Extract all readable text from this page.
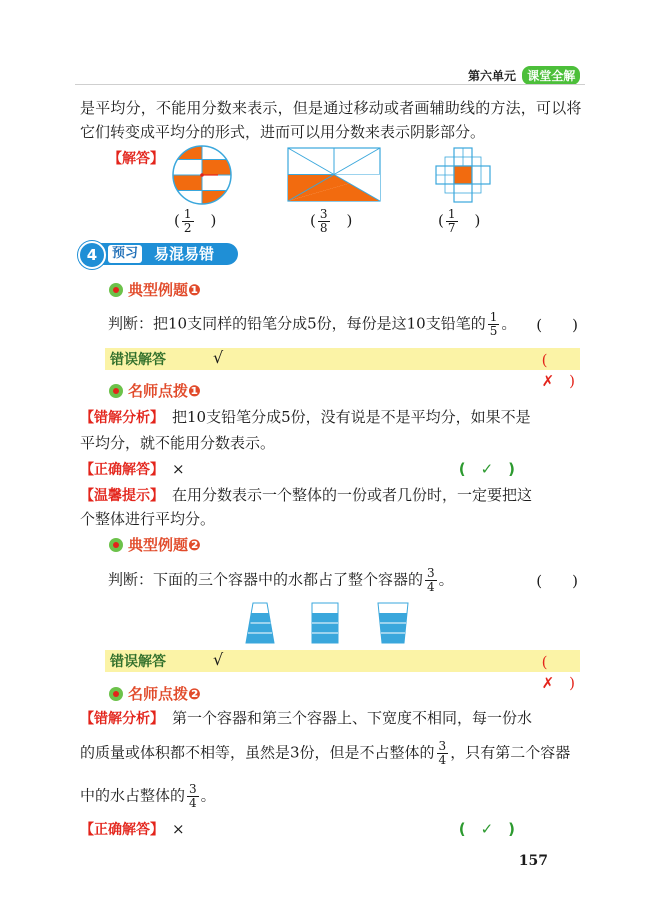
第六单元 课堂全解
是平均分，不能用分数来表示，但是通过移动或者画辅助线的方法，可以将
它们转变成平均分的形式，进而可以用分数来表示阴影部分。
【解答】
( $\frac{1}{2}$ 　)	( $\frac{3}{8}$ 　)	( $\frac{1}{7}$ 　)
4	预习 易混易错
典型例题❶
判断：把10支同样的铅笔分成5份，每份是这10支铅笔的 $\frac{1}{5}$ 。 (　　)
错误解答	√	(　✗　)
名师点拨❶
【错解分析】　 把10支铅笔分成5份，没有说是不是平均分，如果不是
平均分，就不能用分数表示。
【正确解答】　 ×	(　✓　)
【温馨提示】　 在用分数表示一个整体的一份或者几份时，一定要把这
个整体进行平均分。
典型例题❷
判断：下面的三个容器中的水都占了整个容器的 $\frac{3}{4}$ 。	(　　)
错误解答	√	(　✗　)
名师点拨❷
【错解分析】　 第一个容器和第三个容器上、下宽度不相同，每一份水
的质量或体积都不相等，虽然是3份，但是不占整体的 $\frac{3}{4}$ ，只有第二个容器
中的水占整体的 $\frac{3}{4}$ 。
【正确解答】　 ×	(　✓　)
157
